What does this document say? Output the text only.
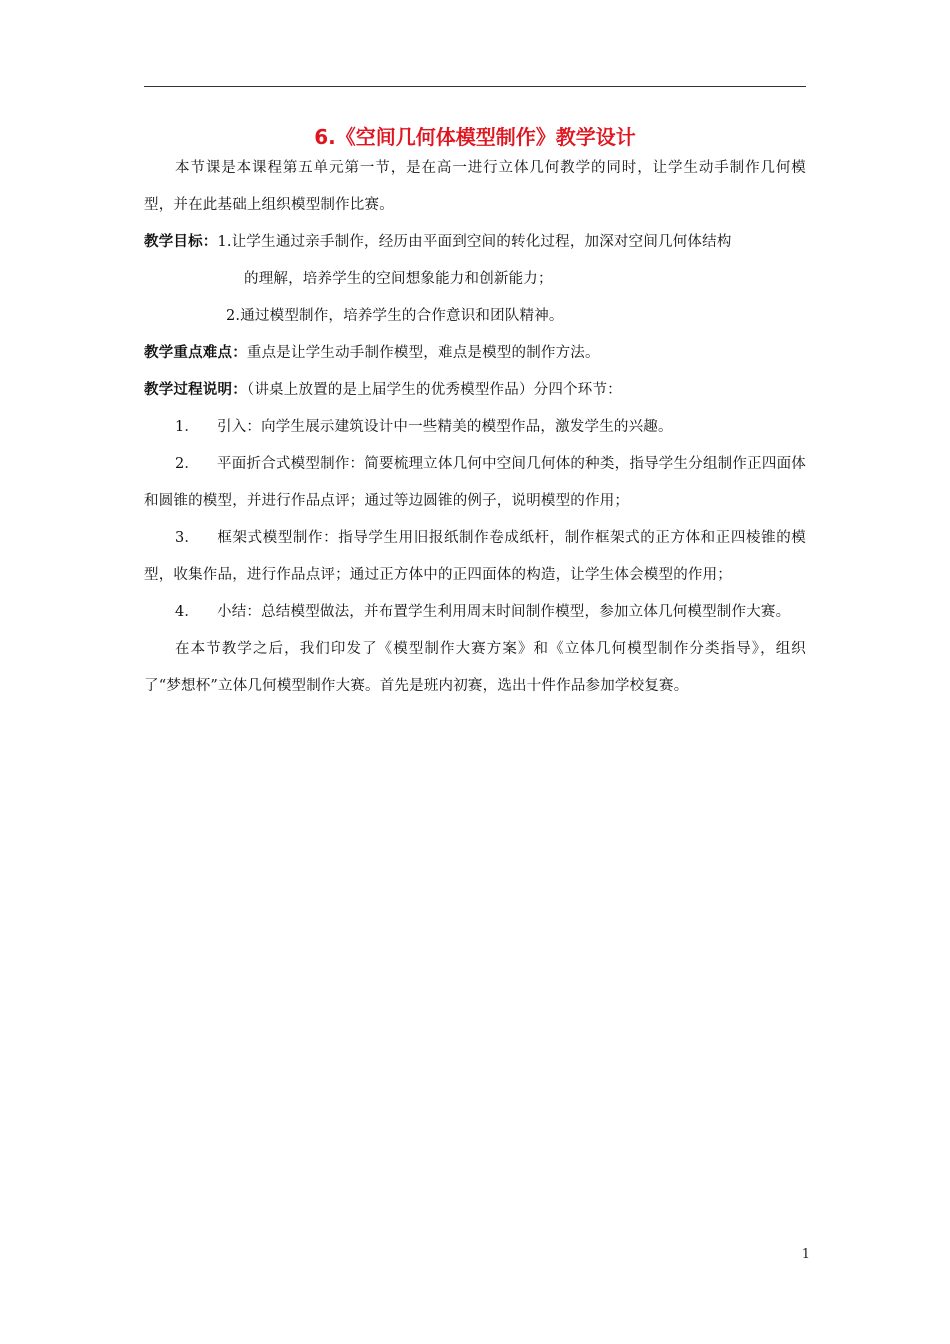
6.《空间几何体模型制作》教学设计

本节课是本课程第五单元第一节，是在高一进行立体几何教学的同时，让学生动手制作几何模型，并在此基础上组织模型制作比赛。

教学目标：1.让学生通过亲手制作，经历由平面到空间的转化过程，加深对空间几何体结构

的理解，培养学生的空间想象能力和创新能力；

2.通过模型制作，培养学生的合作意识和团队精神。

教学重点难点：重点是让学生动手制作模型，难点是模型的制作方法。

教学过程说明：（讲桌上放置的是上届学生的优秀模型作品）分四个环节：

1． 引入：向学生展示建筑设计中一些精美的模型作品，激发学生的兴趣。

2． 平面折合式模型制作：简要梳理立体几何中空间几何体的种类，指导学生分组制作正四面体和圆锥的模型，并进行作品点评；通过等边圆锥的例子，说明模型的作用；

3． 框架式模型制作：指导学生用旧报纸制作卷成纸杆，制作框架式的正方体和正四棱锥的模型，收集作品，进行作品点评；通过正方体中的正四面体的构造，让学生体会模型的作用；

4． 小结：总结模型做法，并布置学生利用周末时间制作模型，参加立体几何模型制作大赛。

在本节教学之后，我们印发了《模型制作大赛方案》和《立体几何模型制作分类指导》，组织了“梦想杯”立体几何模型制作大赛。首先是班内初赛，选出十件作品参加学校复赛。

1
